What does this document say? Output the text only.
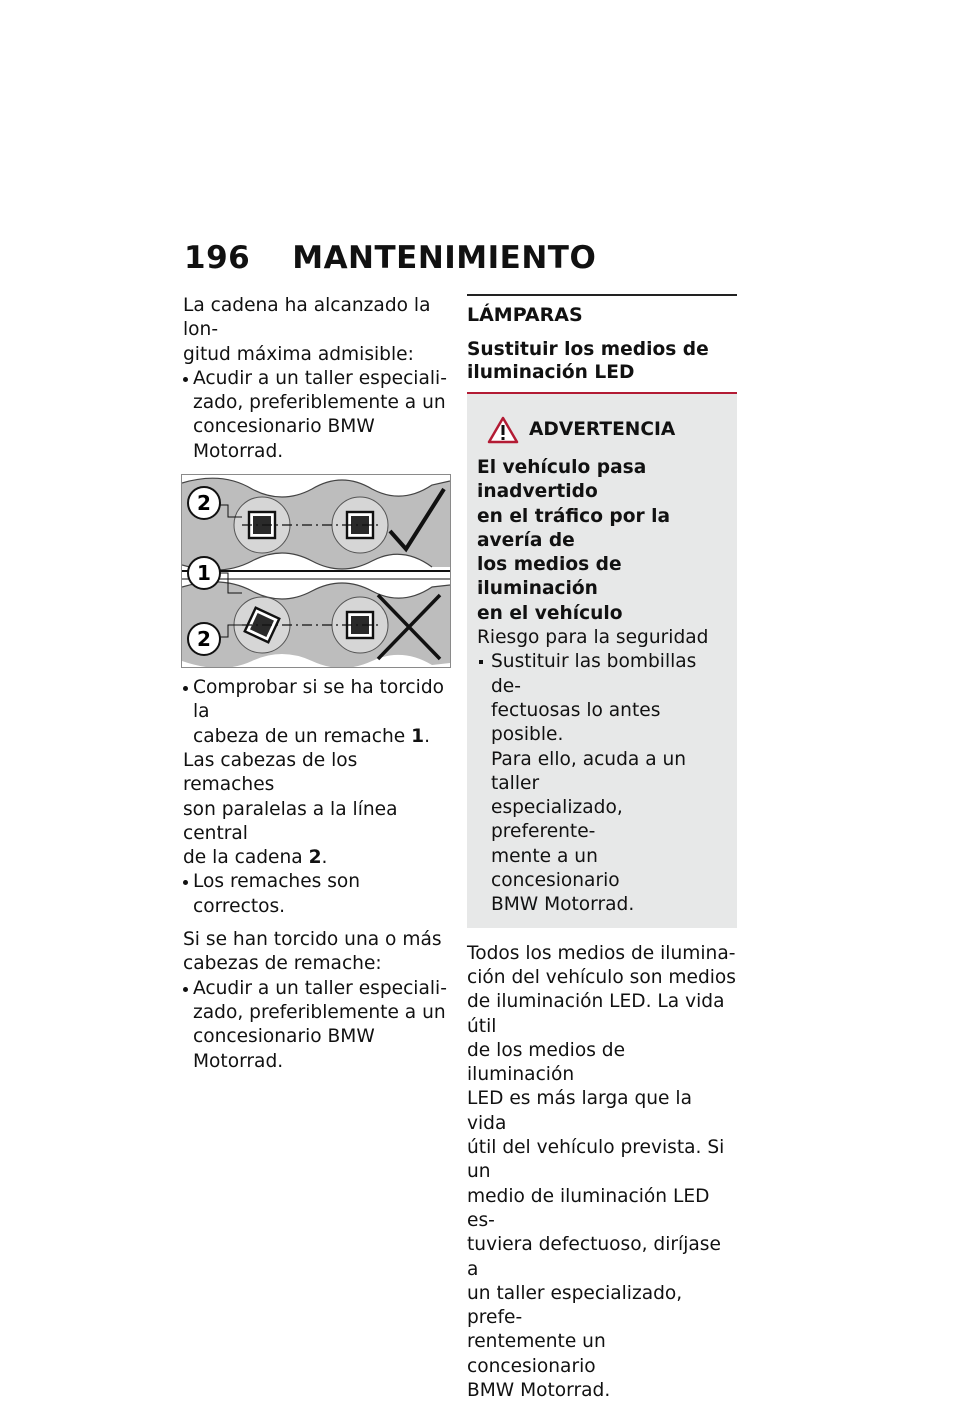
196 MANTENIMIENTO

La cadena ha alcanzado la lon-
gitud máxima admisible:

Acudir a un taller especiali-
zado, preferiblemente a un
concesionario BMW Motorrad.
2
1
2
Comprobar si se ha torcido la
cabeza de un remache 1.

Las cabezas de los remaches
son paralelas a la línea central
de la cadena 2.

Los remaches son correctos.

Si se han torcido una o más
cabezas de remache:

Acudir a un taller especiali-
zado, preferiblemente a un
concesionario BMW Motorrad.
LÁMPARAS
Sustituir los medios de
iluminación LED
ADVERTENCIA
El vehículo pasa inadvertido
en el tráfico por la avería de
los medios de iluminación
en el vehículo
Riesgo para la seguridad
Sustituir las bombillas de-
fectuosas lo antes posible.
Para ello, acuda a un taller
especializado, preferente-
mente a un concesionario
BMW Motorrad.

Todos los medios de ilumina-
ción del vehículo son medios
de iluminación LED. La vida útil
de los medios de iluminación
LED es más larga que la vida
útil del vehículo prevista. Si un
medio de iluminación LED es-
tuviera defectuoso, diríjase a
un taller especializado, prefe-
rentemente un concesionario
BMW Motorrad.
